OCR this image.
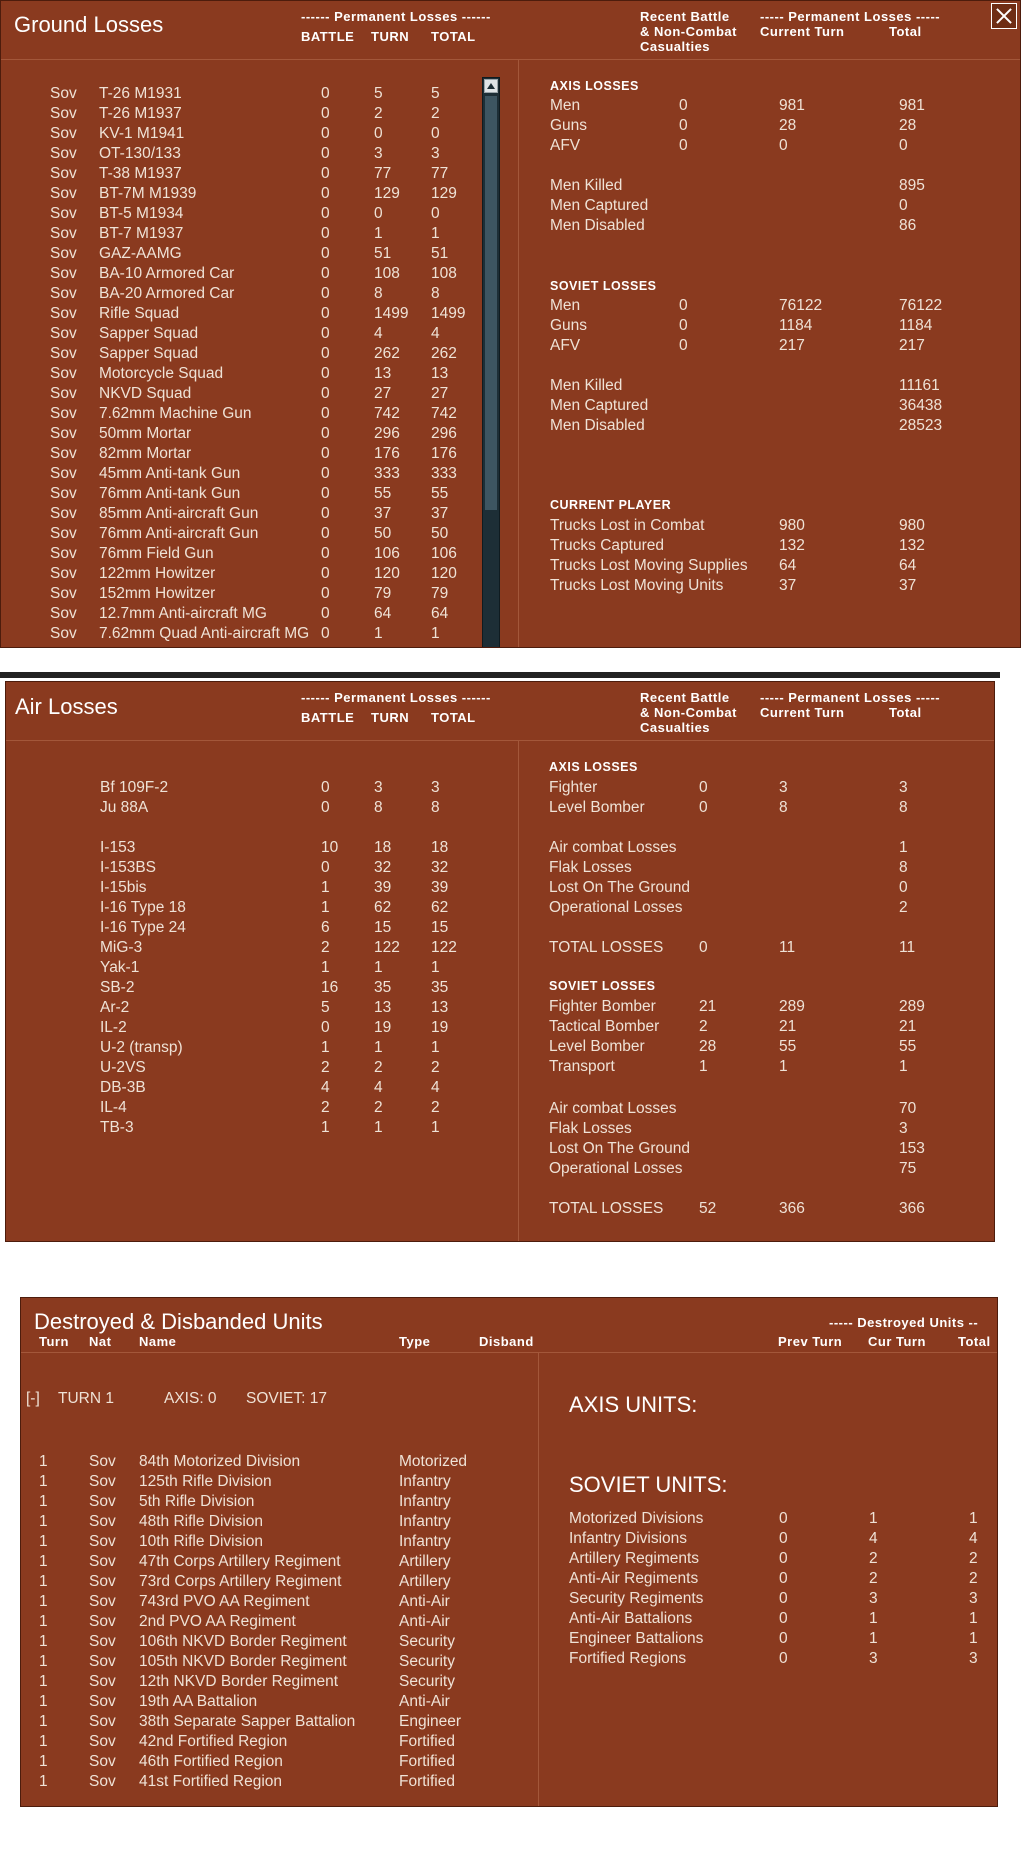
Ground Losses	------ Permanent Losses ------
BATTLE TURN TOTAL
Recent Battle
& Non-Combat
Casualties
----- Permanent Losses -----
Current Turn	Total
Sov T-26 M1931	0	5	5
Sov T-26 M1937	0	2	2
Sov KV-1 M1941	0	0	0
Sov OT-130/133	0	3	3
Sov T-38 M1937	0	77	77
Sov BT-7M M1939	0	129 129
Sov BT-5 M1934	0	0	0
Sov BT-7 M1937	0	1	1
Sov GAZ-AAMG	0	51	51
Sov BA-10 Armored Car	0	108 108
Sov BA-20 Armored Car	0	8	8
Sov Rifle Squad	0	1499 1499
Sov Sapper Squad	0	4	4
Sov Sapper Squad	0	262 262
Sov Motorcycle Squad	0	13	13
Sov NKVD Squad	0	27	27
Sov 7.62mm Machine Gun	0	742 742
Sov 50mm Mortar	0	296 296
Sov 82mm Mortar	0	176 176
Sov 45mm Anti-tank Gun	0	333 333
Sov 76mm Anti-tank Gun	0	55	55
Sov 85mm Anti-aircraft Gun	0	37	37
Sov 76mm Anti-aircraft Gun	0	50	50
Sov 76mm Field Gun	0	106 106
Sov 122mm Howitzer	0	120 120
Sov 152mm Howitzer	0	79	79
Sov 12.7mm Anti-aircraft MG	0	64	64
Sov 7.62mm Quad Anti-aircraft MG 0	1	1
AXIS LOSSES
Men	0	981	981
Guns	0	28	28
AFV	0	0	0
Men Killed	895
Men Captured	0
Men Disabled	86
SOVIET LOSSES
Men	0	76122	76122
Guns	0	1184	1184
AFV	0	217	217
Men Killed	11161
Men Captured	36438
Men Disabled	28523
CURRENT PLAYER
Trucks Lost in Combat	980	980
Trucks Captured	132	132
Trucks Lost Moving Supplies 64	64
Trucks Lost Moving Units	37	37
Air Losses	------ Permanent Losses ------
BATTLE TURN TOTAL
Recent Battle
& Non-Combat
Casualties
----- Permanent Losses -----
Current Turn	Total
Bf 109F-2	0	3	3
Ju 88A	0	8	8
I-153	10 18	18
I-153BS	0	32	32
I-15bis	1	39	39
I-16 Type 18	1	62	62
I-16 Type 24	6	15	15
MiG-3	2	122 122
Yak-1	1	1	1
SB-2	16 35	35
Ar-2	5	13	13
IL-2	0	19	19
U-2 (transp)	1	1	1
U-2VS	2	2	2
DB-3B	4	4	4
IL-4	2	2	2
TB-3	1	1	1
AXIS LOSSES
Fighter	0	3	3
Level Bomber	0	8	8
Air combat Losses	1
Flak Losses	8
Lost On The Ground	0
Operational Losses	2
TOTAL LOSSES 0	11	11
SOVIET LOSSES
Fighter Bomber	21	289	289
Tactical Bomber	2	21	21
Level Bomber	28	55	55
Transport	1	1	1
Air combat Losses	70
Flak Losses	3
Lost On The Ground	153
Operational Losses	75
TOTAL LOSSES 52	366	366
Destroyed & Disbanded Units
Turn Nat Name	Type	Disband
----- Destroyed Units --
Prev Turn Cur Turn Total
[-] TURN 1	AXIS: 0 SOVIET: 17
1	Sov 84th Motorized Division	Motorized
1	Sov 125th Rifle Division	Infantry
1	Sov 5th Rifle Division	Infantry
1	Sov 48th Rifle Division	Infantry
1	Sov 10th Rifle Division	Infantry
1	Sov 47th Corps Artillery Regiment	Artillery
1	Sov 73rd Corps Artillery Regiment	Artillery
1	Sov 743rd PVO AA Regiment	Anti-Air
1	Sov 2nd PVO AA Regiment	Anti-Air
1	Sov 106th NKVD Border Regiment	Security
1	Sov 105th NKVD Border Regiment	Security
1	Sov 12th NKVD Border Regiment	Security
1	Sov 19th AA Battalion	Anti-Air
1	Sov 38th Separate Sapper Battalion	Engineer
1	Sov 42nd Fortified Region	Fortified
1	Sov 46th Fortified Region	Fortified
1	Sov 41st Fortified Region	Fortified
AXIS UNITS:
SOVIET UNITS:
Motorized Divisions	0	1	1
Infantry Divisions	0	4	4
Artillery Regiments	0	2	2
Anti-Air Regiments	0	2	2
Security Regiments	0	3	3
Anti-Air Battalions	0	1	1
Engineer Battalions	0	1	1
Fortified Regions	0	3	3
